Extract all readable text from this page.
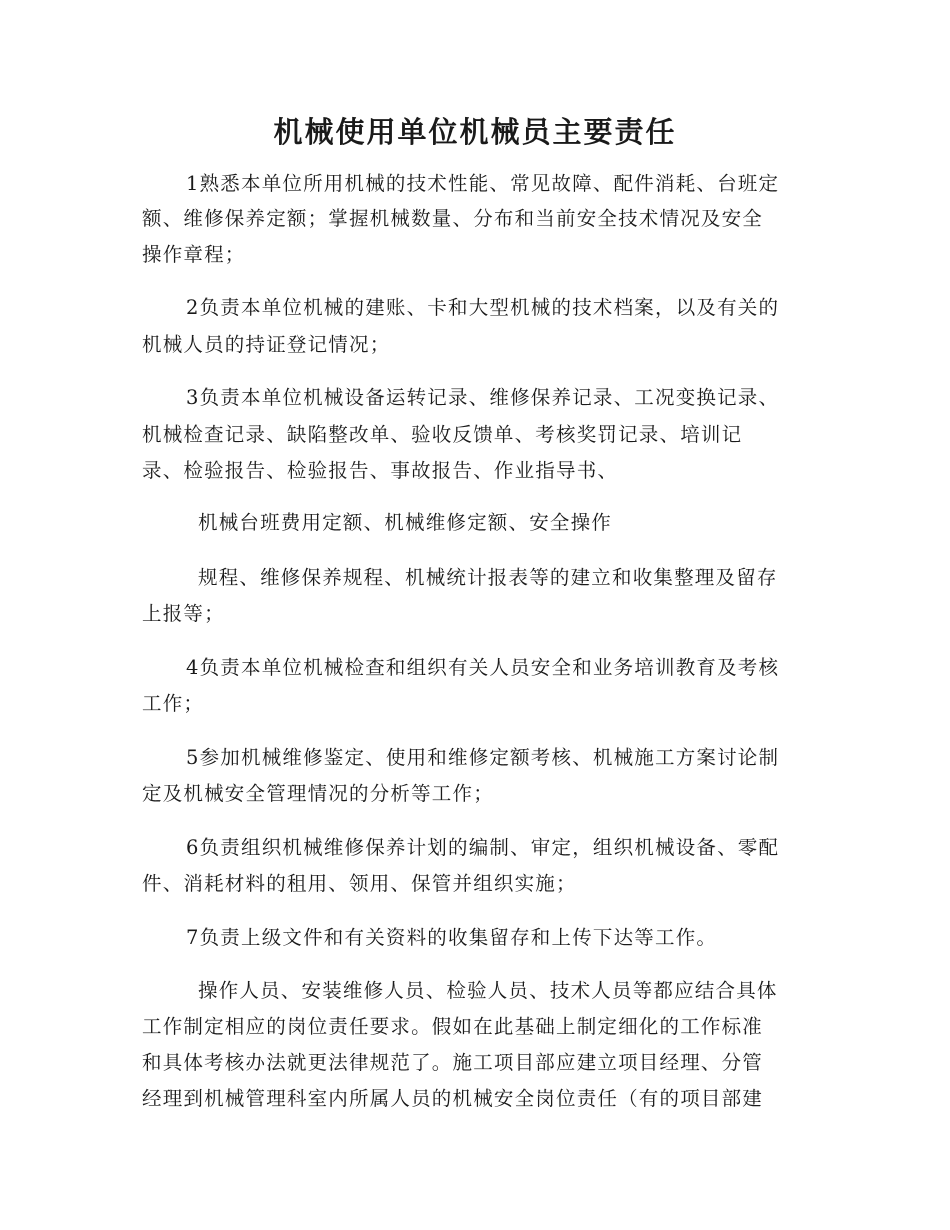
机械使用单位机械员主要责任
1熟悉本单位所用机械的技术性能、常见故障、配件消耗、台班定
额、维修保养定额；掌握机械数量、分布和当前安全技术情况及安全
操作章程；
2负责本单位机械的建账、卡和大型机械的技术档案，以及有关的
机械人员的持证登记情况；
3负责本单位机械设备运转记录、维修保养记录、工况变换记录、
机械检查记录、缺陷整改单、验收反馈单、考核奖罚记录、培训记
录、检验报告、检验报告、事故报告、作业指导书、
机械台班费用定额、机械维修定额、安全操作
规程、维修保养规程、机械统计报表等的建立和收集整理及留存
上报等；
4负责本单位机械检查和组织有关人员安全和业务培训教育及考核
工作；
5参加机械维修鉴定、使用和维修定额考核、机械施工方案讨论制
定及机械安全管理情况的分析等工作；
6负责组织机械维修保养计划的编制、审定，组织机械设备、零配
件、消耗材料的租用、领用、保管并组织实施；
7负责上级文件和有关资料的收集留存和上传下达等工作。
操作人员、安装维修人员、检验人员、技术人员等都应结合具体
工作制定相应的岗位责任要求。假如在此基础上制定细化的工作标准
和具体考核办法就更法律规范了。施工项目部应建立项目经理、分管
经理到机械管理科室内所属人员的机械安全岗位责任（有的项目部建
